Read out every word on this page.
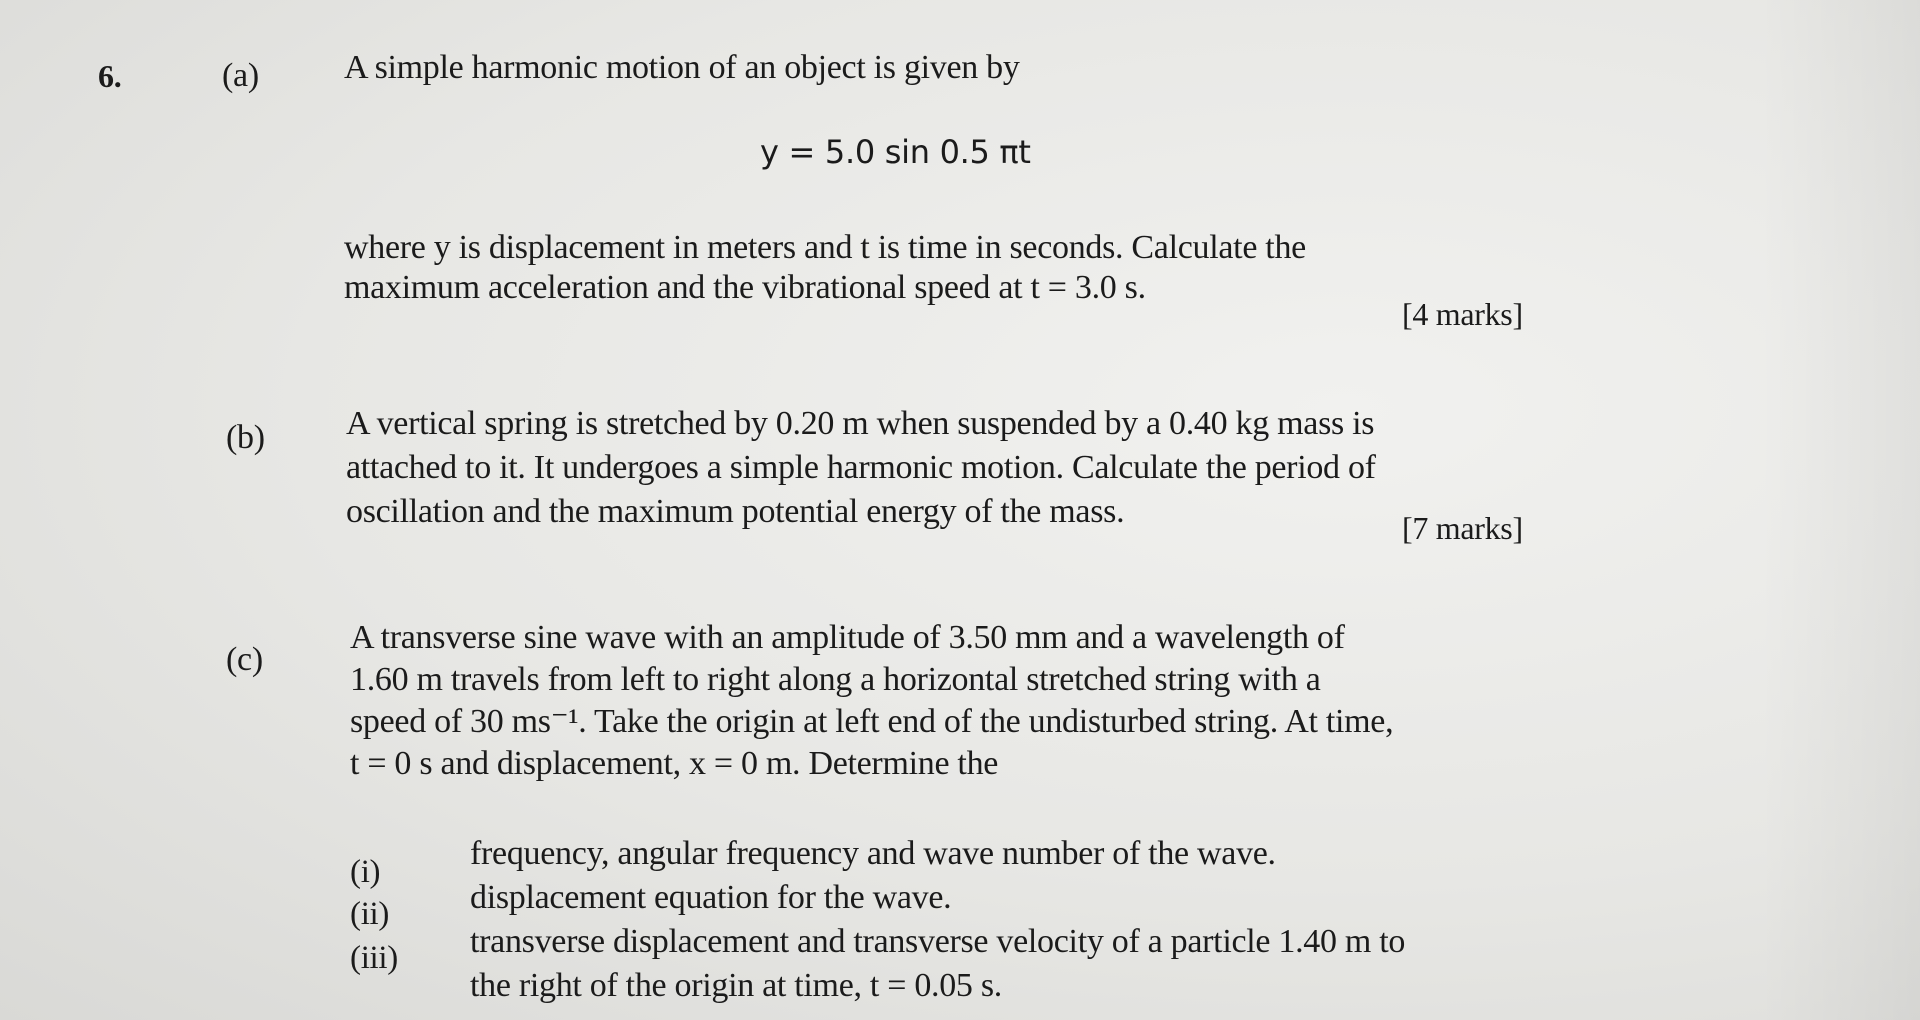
6.	(a)	A simple harmonic motion of an object is given by
y = 5.0 sin 0.5 πt
where y is displacement in meters and t is time in seconds. Calculate the
maximum acceleration and the vibrational speed at t = 3.0 s.
[4 marks]
(b) A vertical spring is stretched by 0.20 m when suspended by a 0.40 kg mass is
attached to it. It undergoes a simple harmonic motion. Calculate the period of
oscillation and the maximum potential energy of the mass.	[7 marks]
(c)
A transverse sine wave with an amplitude of 3.50 mm and a wavelength of
1.60 m travels from left to right along a horizontal stretched string with a
speed of 30 ms⁻¹. Take the origin at left end of the undisturbed string. At time,
t = 0 s and displacement, x = 0 m. Determine the
(i)	frequency, angular frequency and wave number of the wave.
(ii) displacement equation for the wave.
(iii) transverse displacement and transverse velocity of a particle 1.40 m to
the right of the origin at time, t = 0.05 s.
